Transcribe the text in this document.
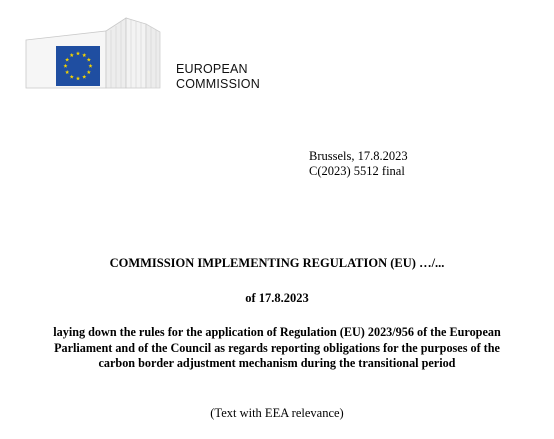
EUROPEAN
COMMISSION
Brussels, 17.8.2023
C(2023) 5512 final
COMMISSION IMPLEMENTING REGULATION (EU) …/...
of 17.8.2023
laying down the rules for the application of Regulation (EU) 2023/956 of the European
Parliament and of the Council as regards reporting obligations for the purposes of the
carbon border adjustment mechanism during the transitional period
(Text with EEA relevance)
